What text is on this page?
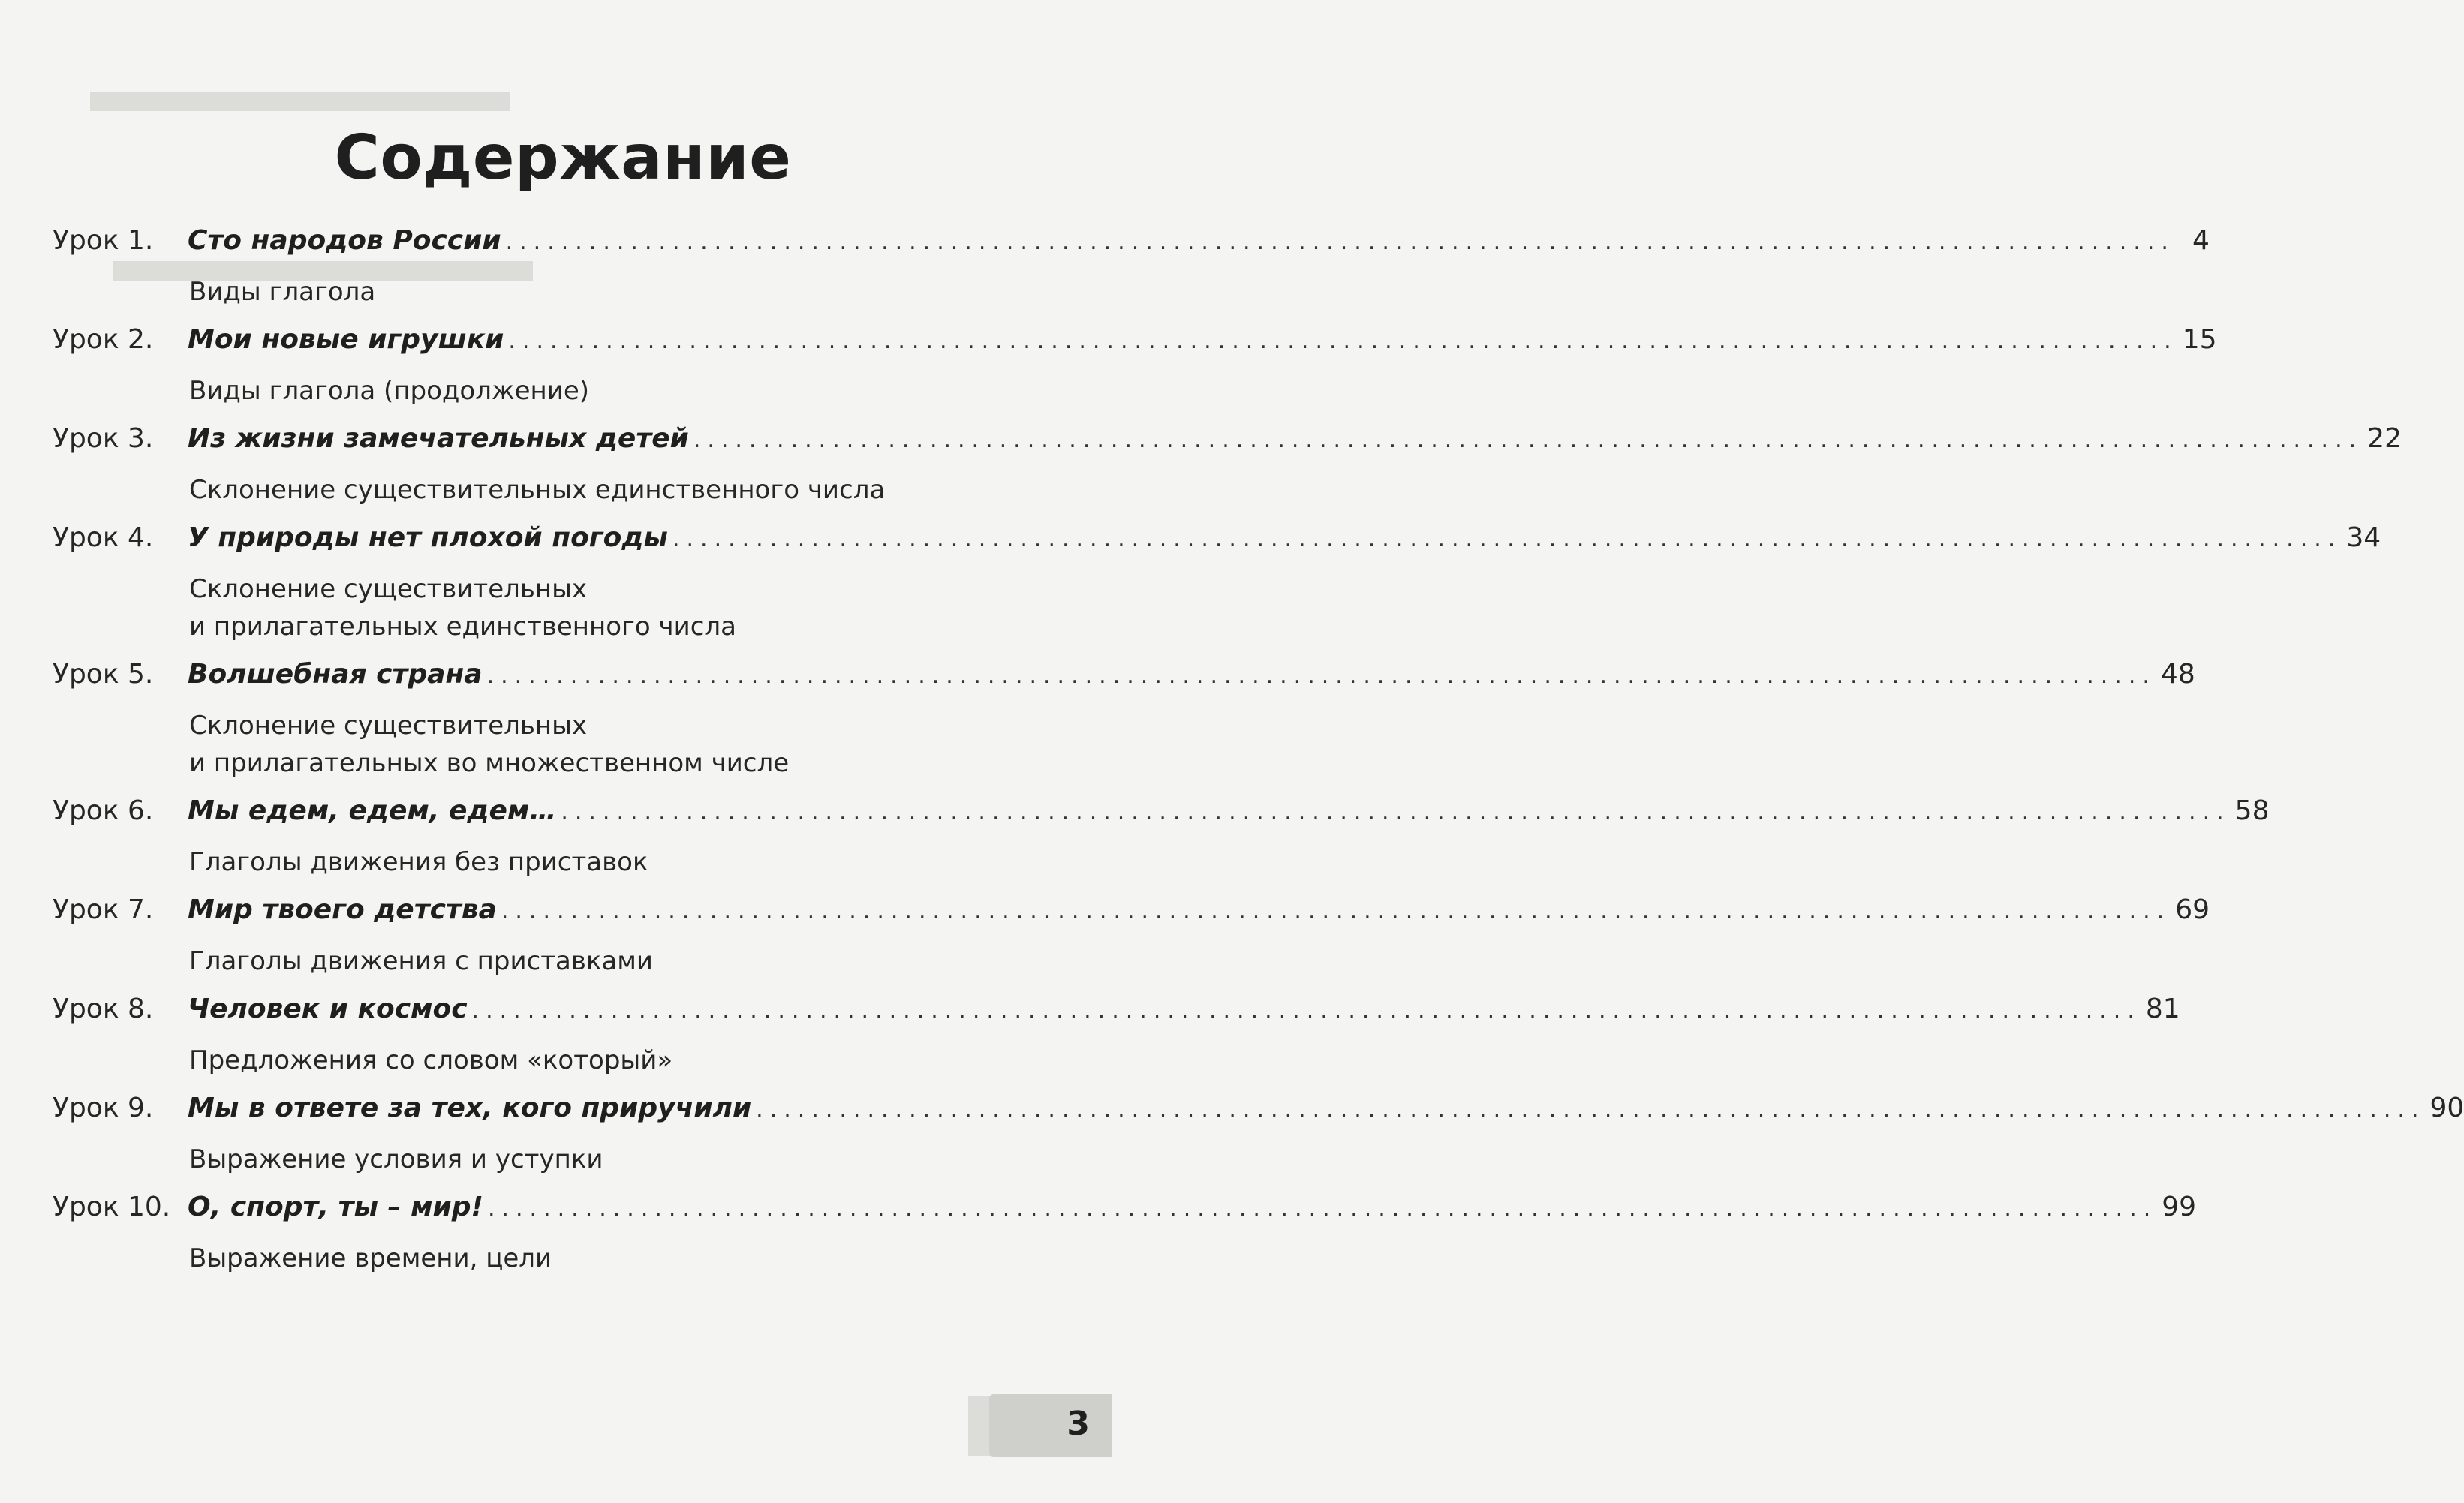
Содержание
Урок 1.	Сто народов России ........................................................................................................................ 4
Виды глагола
Урок 2.	Мои новые игрушки ........................................................................................................................ 15
Виды глагола (продолжение)
Урок 3.	Из жизни замечательных детей ........................................................................................................................ 22
Склонение существительных единственного числа
Урок 4.	У природы нет плохой погоды ........................................................................................................................ 34
Склонение существительных
и прилагательных единственного числа
Урок 5.	Волшебная страна ........................................................................................................................ 48
Склонение существительных
и прилагательных во множественном числе
Урок 6.	Мы едем, едем, едем… ........................................................................................................................ 58
Глаголы движения без приставок
Урок 7.	Мир твоего детства ........................................................................................................................ 69
Глаголы движения с приставками
Урок 8.	Человек и космос ........................................................................................................................ 81
Предложения со словом «который»
Урок 9.	Мы в ответе за тех, кого приручили ........................................................................................................................ 90
Выражение условия и уступки
Урок 10. О, спорт, ты – мир! ........................................................................................................................ 99
Выражение времени, цели
3
